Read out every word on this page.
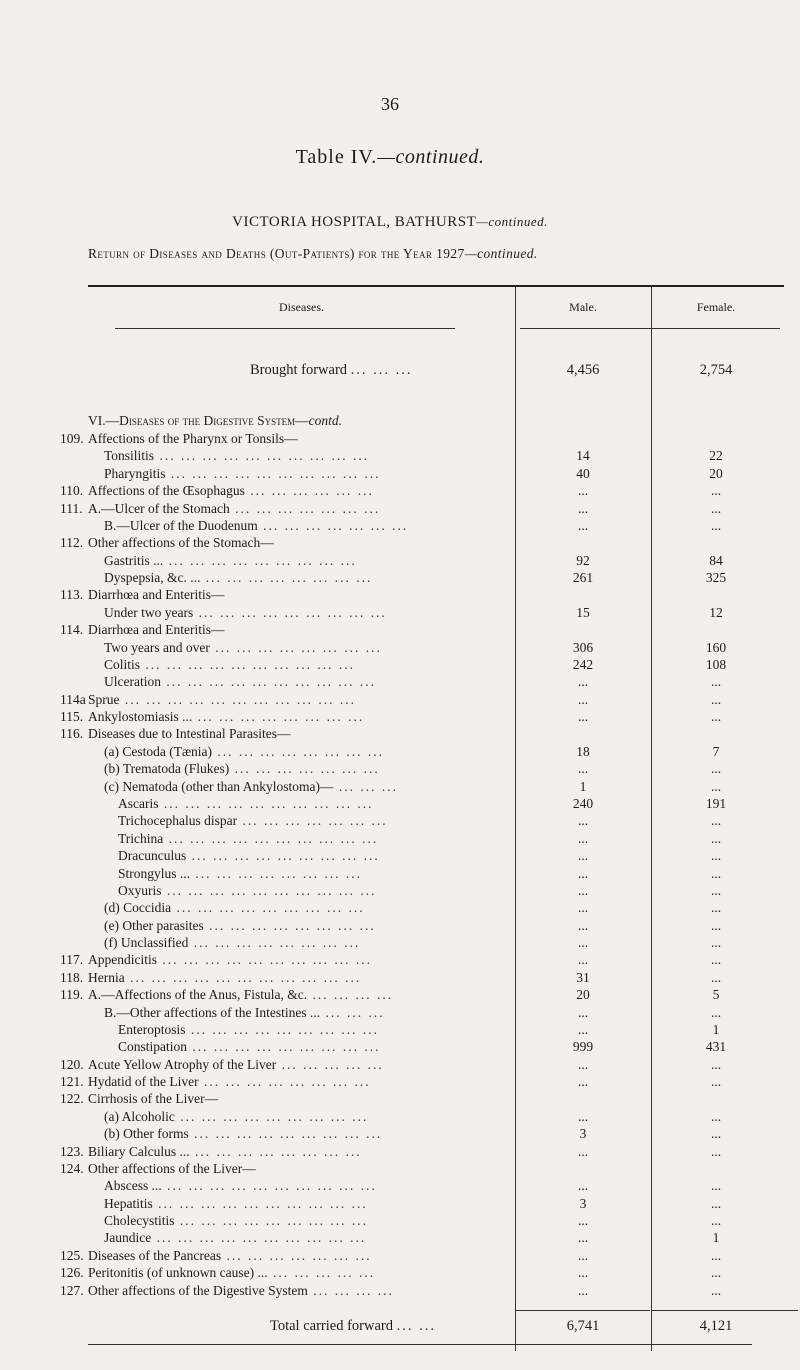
36
Table IV.—continued.
VICTORIA HOSPITAL, BATHURST—continued.
Return of Diseases and Deaths (Out-Patients) for the Year 1927—continued.
Diseases.	Male.	Female.
Brought forward ... ... ...	4,456	2,754
VI.—Diseases of the Digestive System—contd.
109. Affections of the Pharynx or Tonsils—
Tonsilitis ... ... ... ... ... ... ... ... ... ...	14	22
Pharyngitis ... ... ... ... ... ... ... ... ... ...	40	20
110. Affections of the Œsophagus ... ... ... ... ... ...	...	...
111. A.—Ulcer of the Stomach ... ... ... ... ... ... ...	...	...
B.—Ulcer of the Duodenum ... ... ... ... ... ... ...	...	...
112. Other affections of the Stomach—
Gastritis ... ... ... ... ... ... ... ... ... ...	92	84
Dyspepsia, &c. ... ... ... ... ... ... ... ... ...	261	325
113. Diarrhœa and Enteritis—
Under two years ... ... ... ... ... ... ... ... ...	15	12
114. Diarrhœa and Enteritis—
Two years and over ... ... ... ... ... ... ... ...	306	160
Colitis ... ... ... ... ... ... ... ... ... ...	242	108
Ulceration ... ... ... ... ... ... ... ... ... ...	...	...
114a Sprue ... ... ... ... ... ... ... ... ... ... ...	...	...
115. Ankylostomiasis ... ... ... ... ... ... ... ... ...	...	...
116. Diseases due to Intestinal Parasites—
(a) Cestoda (Tænia) ... ... ... ... ... ... ... ...	18	7
(b) Trematoda (Flukes) ... ... ... ... ... ... ...	...	...
(c) Nematoda (other than Ankylostoma)— ... ... ...	1	...
Ascaris ... ... ... ... ... ... ... ... ... ...	240	191
Trichocephalus dispar ... ... ... ... ... ... ...	...	...
Trichina ... ... ... ... ... ... ... ... ... ...	...	...
Dracunculus ... ... ... ... ... ... ... ... ...	...	...
Strongylus ... ... ... ... ... ... ... ... ...	...	...
Oxyuris ... ... ... ... ... ... ... ... ... ...	...	...
(d) Coccidia ... ... ... ... ... ... ... ... ...	...	...
(e) Other parasites ... ... ... ... ... ... ... ...	...	...
(f) Unclassified ... ... ... ... ... ... ... ...	...	...
117. Appendicitis ... ... ... ... ... ... ... ... ... ...	...	...
118. Hernia ... ... ... ... ... ... ... ... ... ... ...	31	...
119. A.—Affections of the Anus, Fistula, &c. ... ... ... ...	20	5
B.—Other affections of the Intestines ... ... ... ...	...	...
Enteroptosis ... ... ... ... ... ... ... ... ...	...	1
Constipation ... ... ... ... ... ... ... ... ...	999	431
120. Acute Yellow Atrophy of the Liver ... ... ... ... ...	...	...
121. Hydatid of the Liver ... ... ... ... ... ... ... ...	...	...
122. Cirrhosis of the Liver—
(a) Alcoholic ... ... ... ... ... ... ... ... ...	...	...
(b) Other forms ... ... ... ... ... ... ... ... ...	3	...
123. Biliary Calculus ... ... ... ... ... ... ... ... ...	...	...
124. Other affections of the Liver—
Abscess ... ... ... ... ... ... ... ... ... ... ...	...	...
Hepatitis ... ... ... ... ... ... ... ... ... ...	3	...
Cholecystitis ... ... ... ... ... ... ... ... ...	...	...
Jaundice ... ... ... ... ... ... ... ... ... ...	...	1
125. Diseases of the Pancreas ... ... ... ... ... ... ...	...	...
126. Peritonitis (of unknown cause) ... ... ... ... ... ...	...	...
127. Other affections of the Digestive System ... ... ... ...	...	...
Total carried forward ... ...	6,741	4,121
